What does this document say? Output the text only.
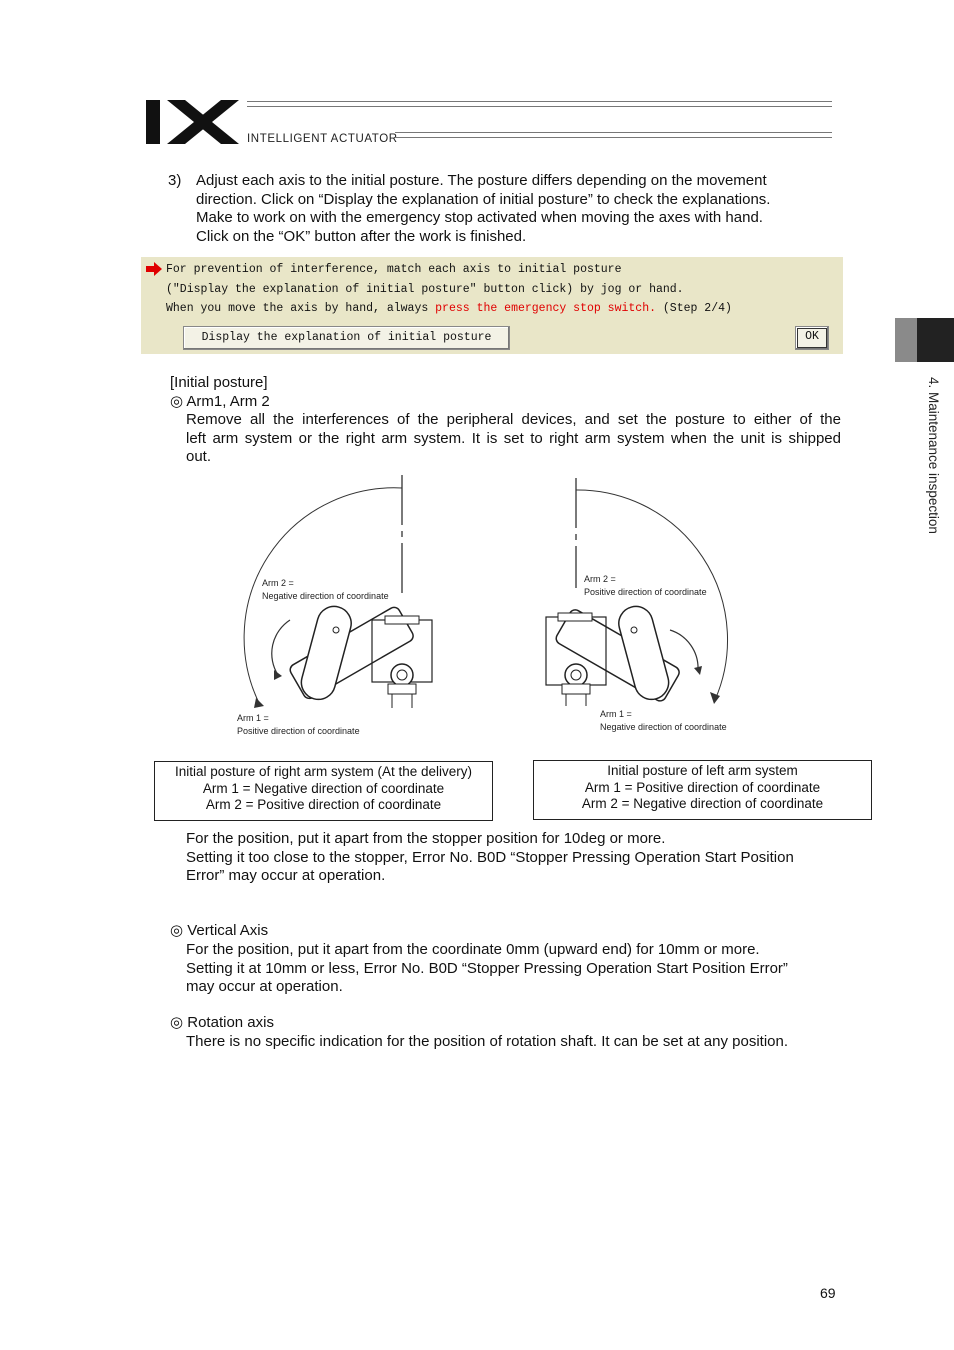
INTELLIGENT ACTUATOR
4. Maintenance inspection
3) Adjust each axis to the initial posture. The posture differs depending on the movement
direction. Click on “Display the explanation of initial posture” to check the explanations.
Make to work on with the emergency stop activated when moving the axes with hand.
Click on the “OK” button after the work is finished.
For prevention of interference, match each axis to initial posture
("Display the explanation of initial posture" button click) by jog or hand.
When you move the axis by hand, always press the emergency stop switch. (Step 2/4)
Display the explanation of initial posture	OK
[Initial posture]
◎ Arm1, Arm 2
Remove all the interferences of the peripheral devices, and set the posture to either of the
left arm system or the right arm system. It is set to right arm system when the unit is shipped
out.
Arm 2 =
Negative direction of coordinate
Arm 1 =
Positive direction of coordinate
Arm 2 =
Positive direction of coordinate
Arm 1 =
Negative direction of coordinate
Initial posture of right arm system (At the delivery)
Arm 1 = Negative direction of coordinate
Arm 2 = Positive direction of coordinate
Initial posture of left arm system
Arm 1 = Positive direction of coordinate
Arm 2 = Negative direction of coordinate
For the position, put it apart from the stopper position for 10deg or more.
Setting it too close to the stopper, Error No. B0D “Stopper Pressing Operation Start Position
Error” may occur at operation.
◎ Vertical Axis
For the position, put it apart from the coordinate 0mm (upward end) for 10mm or more.
Setting it at 10mm or less, Error No. B0D “Stopper Pressing Operation Start Position Error”
may occur at operation.
◎ Rotation axis
There is no specific indication for the position of rotation shaft. It can be set at any position.
69
